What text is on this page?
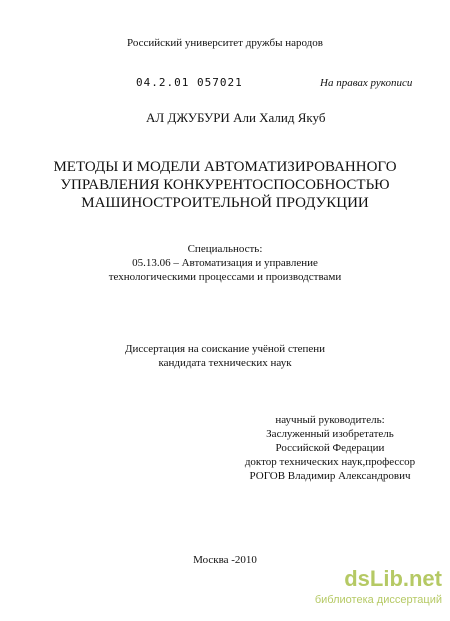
Российский университет дружбы народов
04.2.01 057021	На правах рукописи
АЛ ДЖУБУРИ Али Халид Якуб
МЕТОДЫ И МОДЕЛИ АВТОМАТИЗИРОВАННОГО
УПРАВЛЕНИЯ КОНКУРЕНТОСПОСОБНОСТЬЮ
МАШИНОСТРОИТЕЛЬНОЙ ПРОДУКЦИИ
Специальность:
05.13.06 – Автоматизация и управление
технологическими процессами и производствами
Диссертация на соискание учёной степени
кандидата технических наук
научный руководитель:
Заслуженный изобретатель
Российской Федерации
доктор технических наук,профессор
РОГОВ Владимир Александрович
Москва -2010
dsLib.net
библиотека диссертаций
